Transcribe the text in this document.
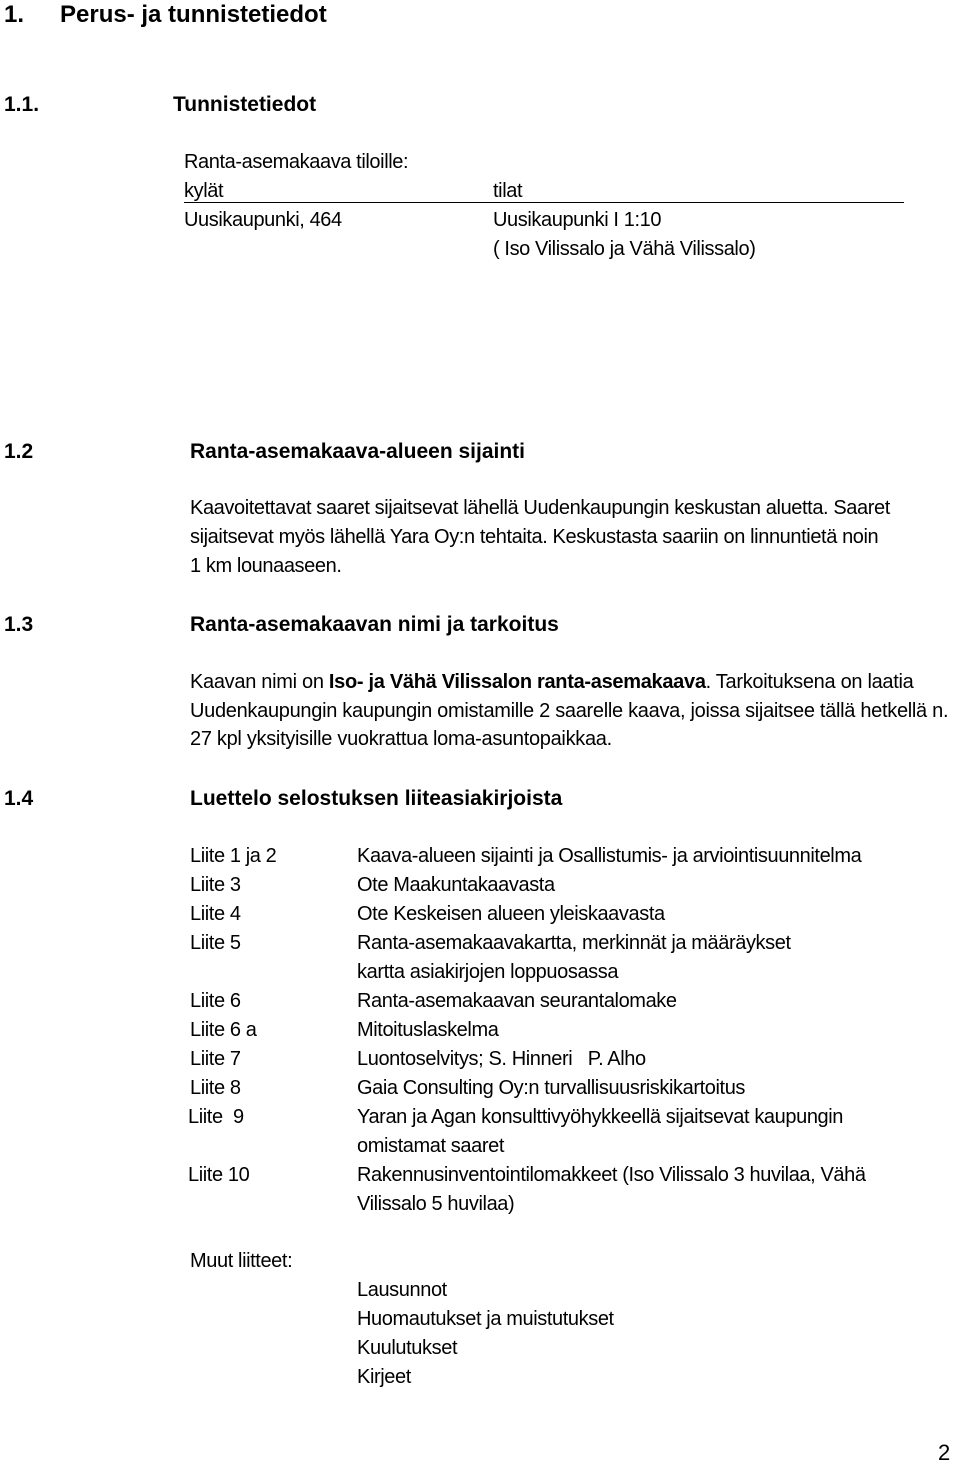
1. Perus- ja tunnistetiedot
1.1.	Tunnistetiedot
Ranta-asemakaava tiloille:
kylät	tilat
Uusikaupunki, 464	Uusikaupunki I 1:10
( Iso Vilissalo ja Vähä Vilissalo)
1.2	Ranta-asemakaava-alueen sijainti
Kaavoitettavat saaret sijaitsevat lähellä Uudenkaupungin keskustan aluetta. Saaret
sijaitsevat myös lähellä Yara Oy:n tehtaita. Keskustasta saariin on linnuntietä noin
1 km lounaaseen.
1.3	Ranta-asemakaavan nimi ja tarkoitus
Kaavan nimi on Iso- ja Vähä Vilissalon ranta-asemakaava. Tarkoituksena on laatia Uudenkaupungin kaupungin omistamille 2 saarelle kaava, joissa sijaitsee tällä hetkellä n. 27 kpl yksityisille vuokrattua loma-asuntopaikkaa.
1.4	Luettelo selostuksen liiteasiakirjoista
Liite 1 ja 2	Kaava-alueen sijainti ja Osallistumis- ja arviointisuunnitelma
Liite 3	Ote Maakuntakaavasta
Liite 4	Ote Keskeisen alueen yleiskaavasta
Liite 5	Ranta-asemakaavakartta, merkinnät ja määräykset
kartta asiakirjojen loppuosassa
Liite 6	Ranta-asemakaavan seurantalomake
Liite 6 a	Mitoituslaskelma
Liite 7	Luontoselvitys; S. Hinneri   P. Alho
Liite 8	Gaia Consulting Oy:n turvallisuusriskikartoitus
Liite  9	Yaran ja Agan konsulttivyöhykkeellä sijaitsevat kaupungin
omistamat saaret
Liite 10	Rakennusinventointilomakkeet (Iso Vilissalo 3 huvilaa, Vähä
Vilissalo 5 huvilaa)
Muut liitteet:
Lausunnot
Huomautukset ja muistutukset
Kuulutukset
Kirjeet
2
